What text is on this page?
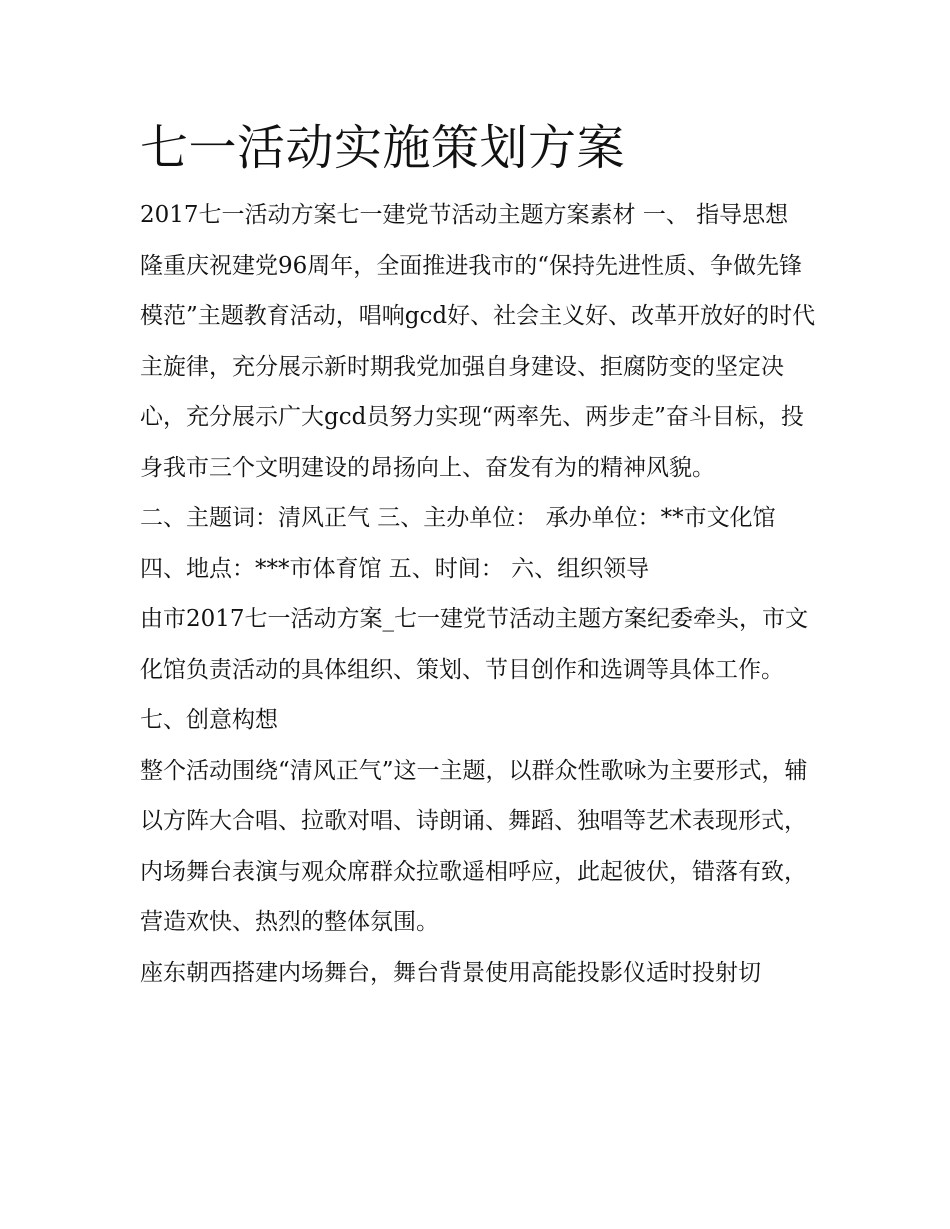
七一活动实施策划方案

2017七一活动方案七一建党节活动主题方案素材 一、 指导思想

隆重庆祝建党96周年，全面推进我市的“保持先进性质、争做先锋模范”主题教育活动，唱响gcd好、社会主义好、改革开放好的时代主旋律，充分展示新时期我党加强自身建设、拒腐防变的坚定决心，充分展示广大gcd员努力实现“两率先、两步走”奋斗目标，投身我市三个文明建设的昂扬向上、奋发有为的精神风貌。

二、主题词：清风正气 三、主办单位： 承办单位：**市文化馆 四、地点：***市体育馆 五、时间： 六、组织领导

由市2017七一活动方案_七一建党节活动主题方案纪委牵头，市文化馆负责活动的具体组织、策划、节目创作和选调等具体工作。 七、创意构想

整个活动围绕“清风正气”这一主题，以群众性歌咏为主要形式，辅以方阵大合唱、拉歌对唱、诗朗诵、舞蹈、独唱等艺术表现形式，内场舞台表演与观众席群众拉歌遥相呼应，此起彼伏，错落有致，营造欢快、热烈的整体氛围。

座东朝西搭建内场舞台，舞台背景使用高能投影仪适时投射切
